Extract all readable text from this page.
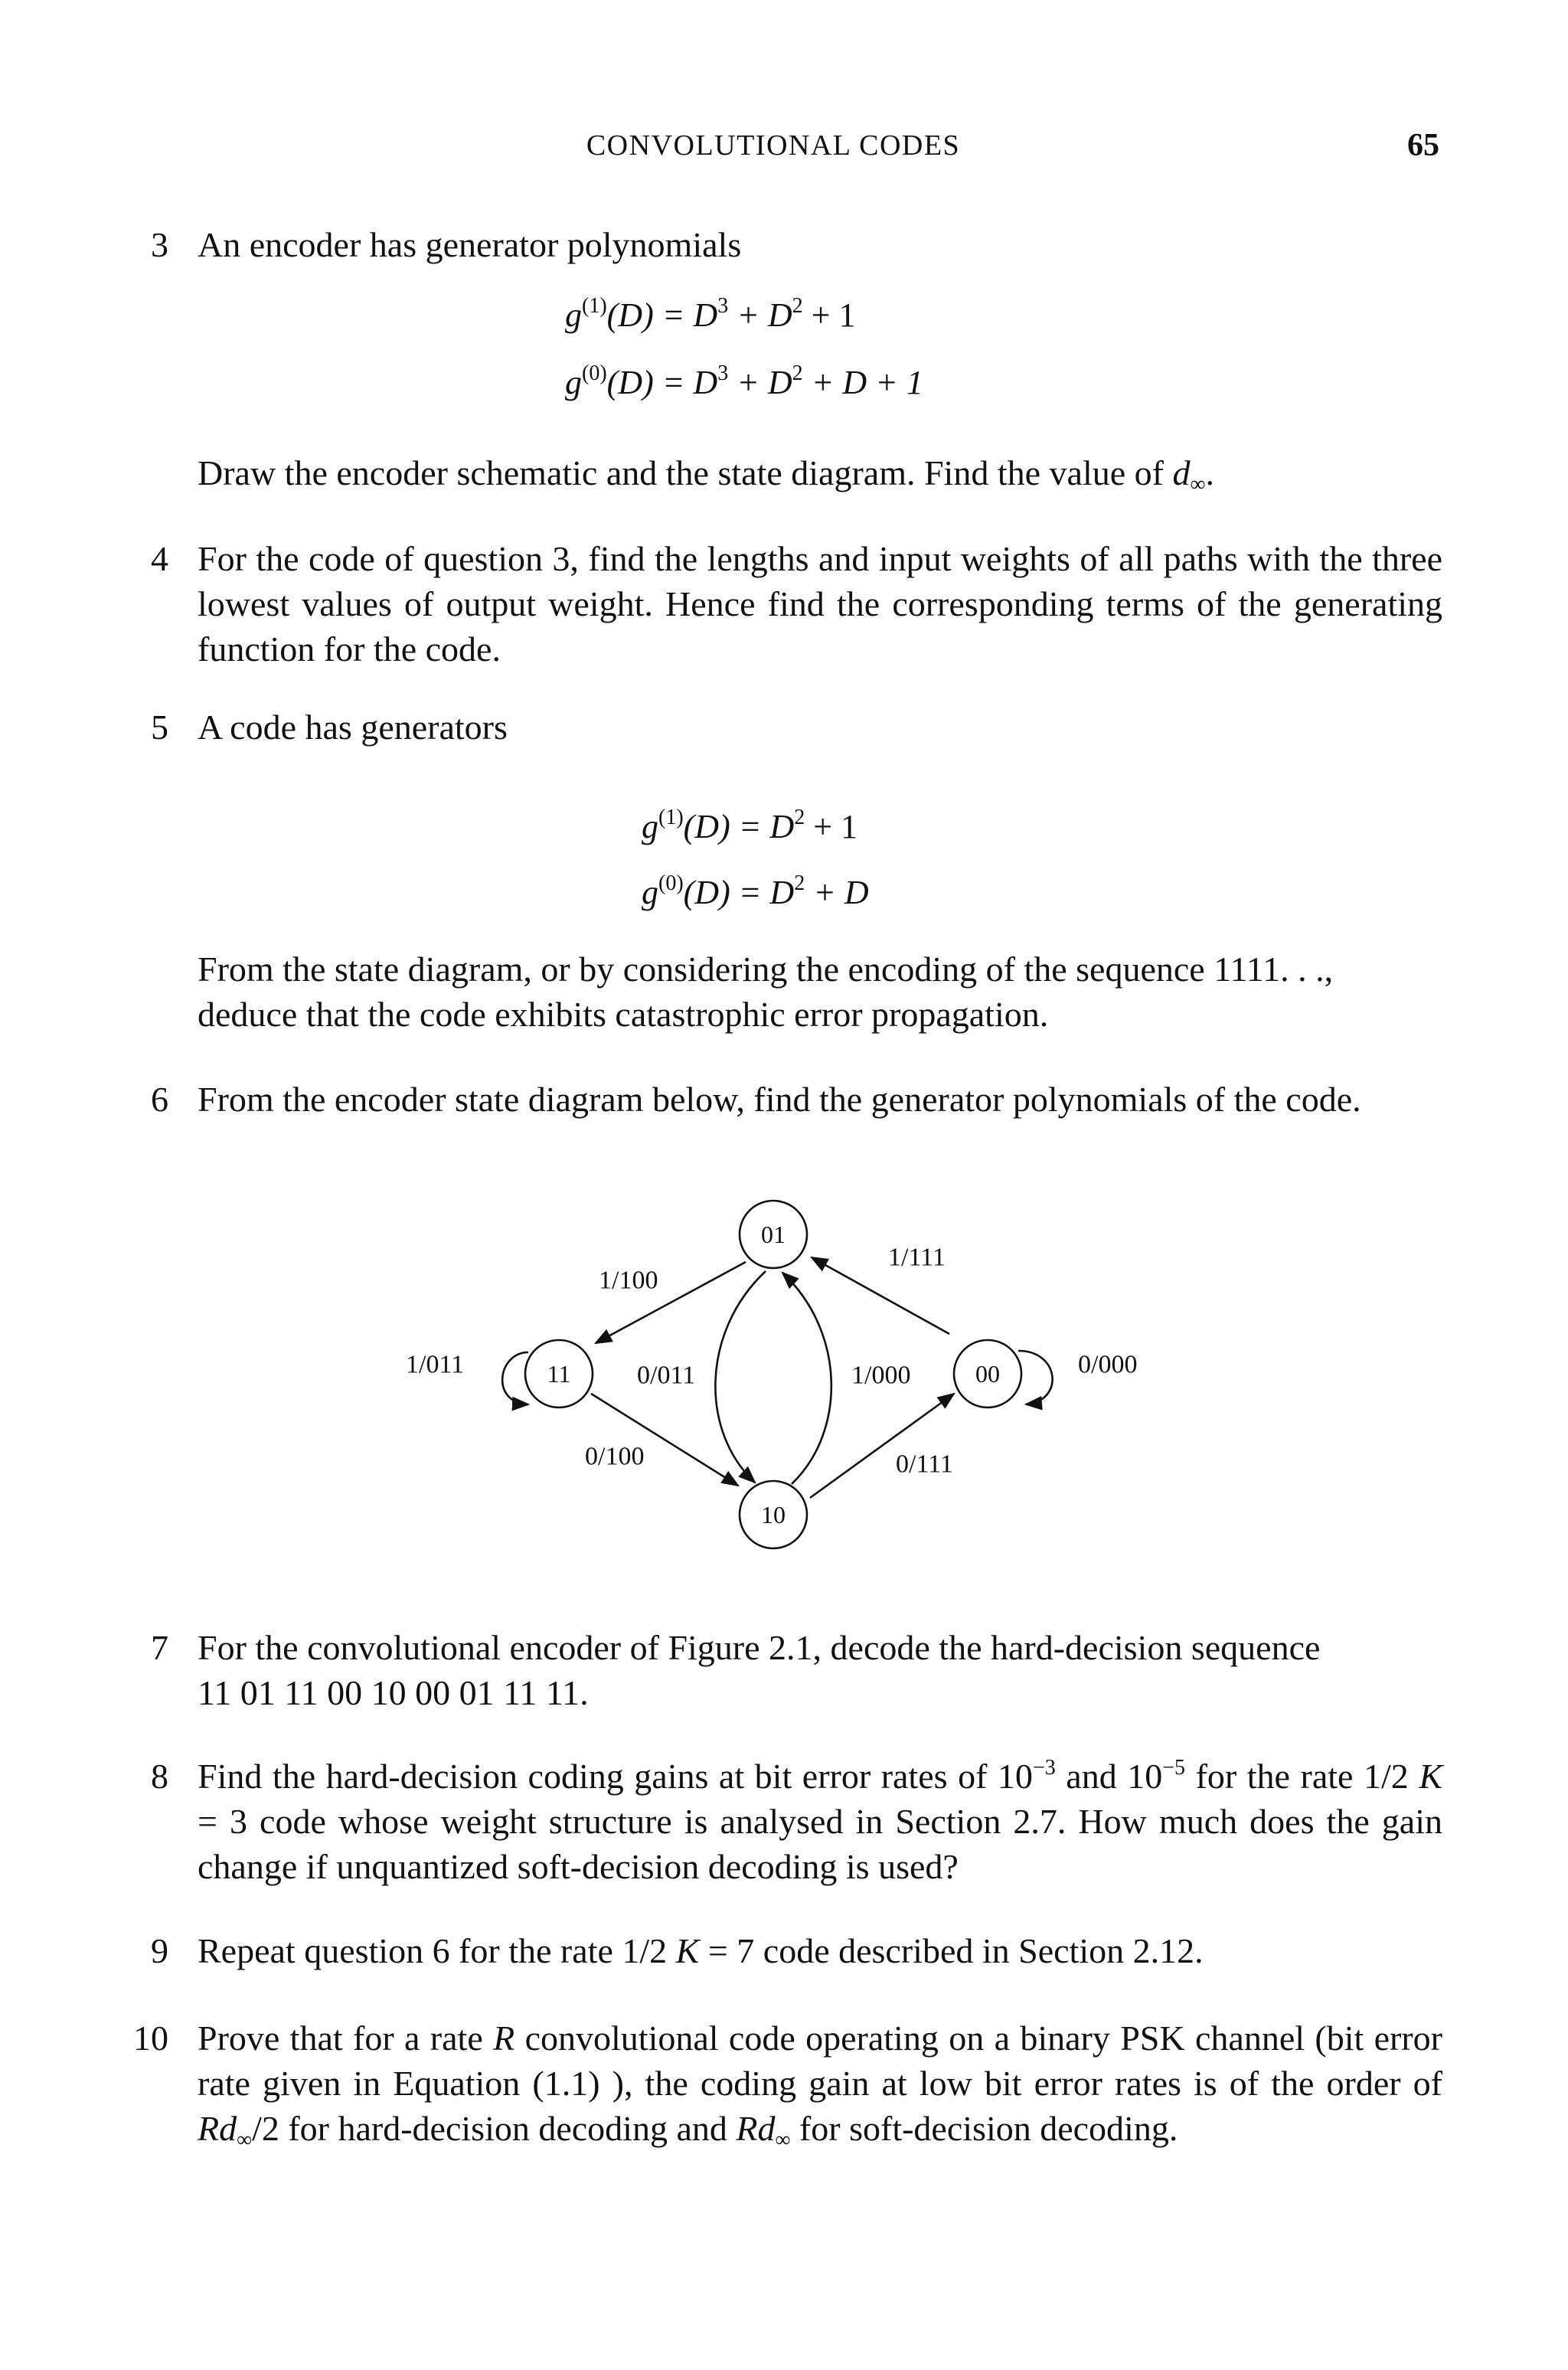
CONVOLUTIONAL CODES	65
3 An encoder has generator polynomials
$g^{(1)}(D) = D^3 + D^2 + 1$
$g^{(0)}(D) = D^3 + D^2 + D + 1$
Draw the encoder schematic and the state diagram. Find the value of $d_\infty$.
4 For the code of question 3, find the lengths and input weights of all paths with the three lowest values of output weight. Hence find the corresponding terms of the generating function for the code.
5 A code has generators
$g^{(1)}(D) = D^2 + 1$
$g^{(0)}(D) = D^2 + D$
From the state diagram, or by considering the encoding of the sequence 1111. . .,
deduce that the code exhibits catastrophic error propagation.
6 From the encoder state diagram below, find the generator polynomials of the code.
01
11	00
10
1/100
1/111
1/011	0/011	1/000	0/000
0/100	0/111
7 For the convolutional encoder of Figure 2.1, decode the hard-decision sequence
11 01 11 00 10 00 01 11 11.
8 Find the hard-decision coding gains at bit error rates of $10^{-3}$ and $10^{-5}$ for the rate 1/2 K = 3 code whose weight structure is analysed in Section 2.7. How much does the gain change if unquantized soft-decision decoding is used?
9 Repeat question 6 for the rate 1/2 K = 7 code described in Section 2.12.
10 Prove that for a rate R convolutional code operating on a binary PSK channel (bit error rate given in Equation (1.1) ), the coding gain at low bit error rates is of the order of $Rd_\infty/2$ for hard-decision decoding and $Rd_\infty$ for soft-decision decoding.
